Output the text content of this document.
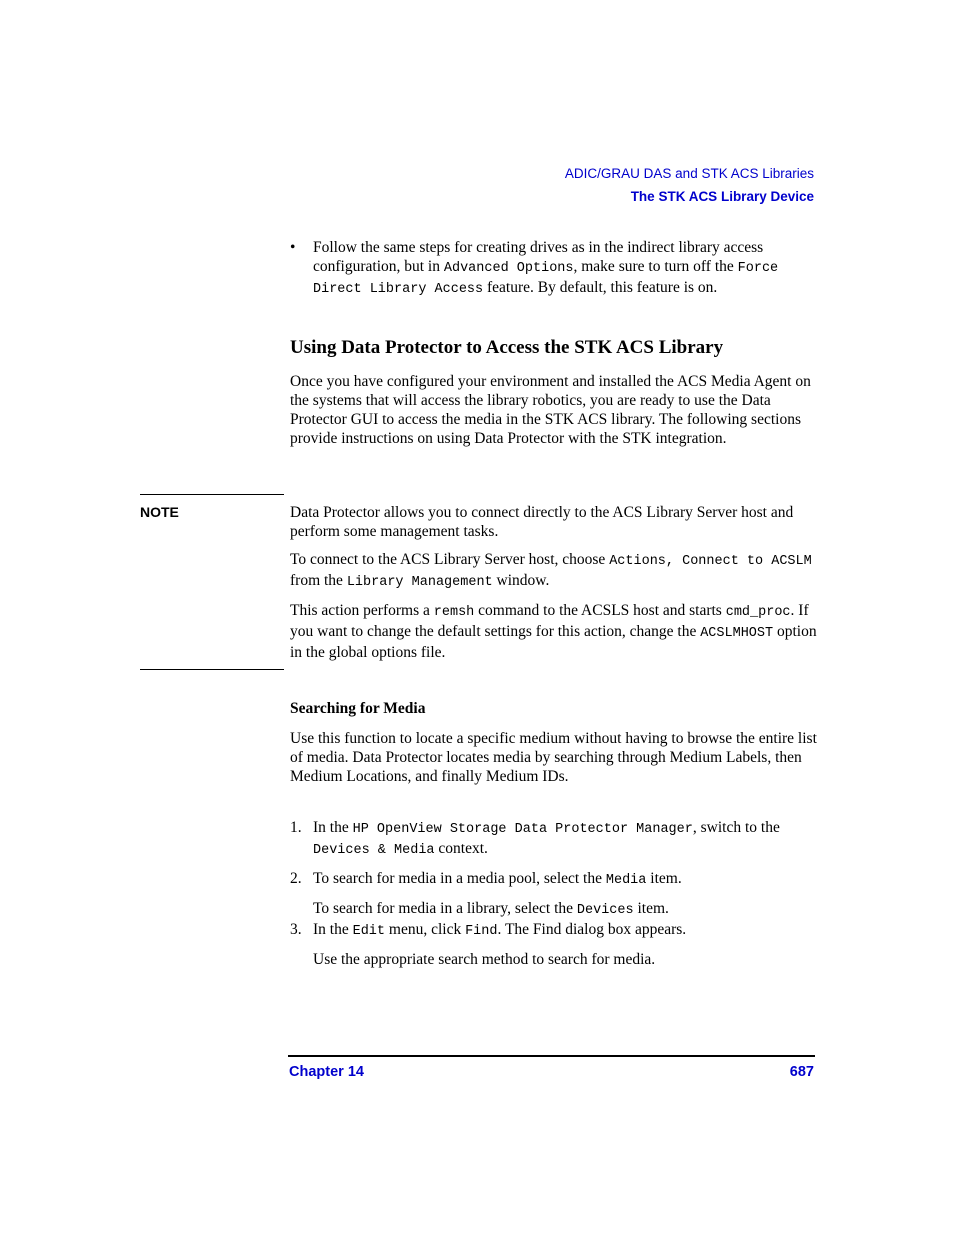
ADIC/GRAU DAS and STK ACS Libraries
The STK ACS Library Device
•	Follow the same steps for creating drives as in the indirect library access configuration, but in Advanced Options, make sure to turn off the Force Direct Library Access feature. By default, this feature is on.

Using Data Protector to Access the STK ACS Library

Once you have configured your environment and installed the ACS Media Agent on the systems that will access the library robotics, you are ready to use the Data Protector GUI to access the media in the STK ACS library. The following sections provide instructions on using Data Protector with the STK integration.

NOTE	Data Protector allows you to connect directly to the ACS Library Server host and perform some management tasks.

To connect to the ACS Library Server host, choose Actions, Connect to ACSLM from the Library Management window.

This action performs a remsh command to the ACSLS host and starts cmd_proc. If you want to change the default settings for this action, change the ACSLMHOST option in the global options file.

Searching for Media

Use this function to locate a specific medium without having to browse the entire list of media. Data Protector locates media by searching through Medium Labels, then Medium Locations, and finally Medium IDs.

1. In the HP OpenView Storage Data Protector Manager, switch to the Devices & Media context.

2. To search for media in a media pool, select the Media item.

To search for media in a library, select the Devices item.

3. In the Edit menu, click Find. The Find dialog box appears.

Use the appropriate search method to search for media.

Chapter 14	687
